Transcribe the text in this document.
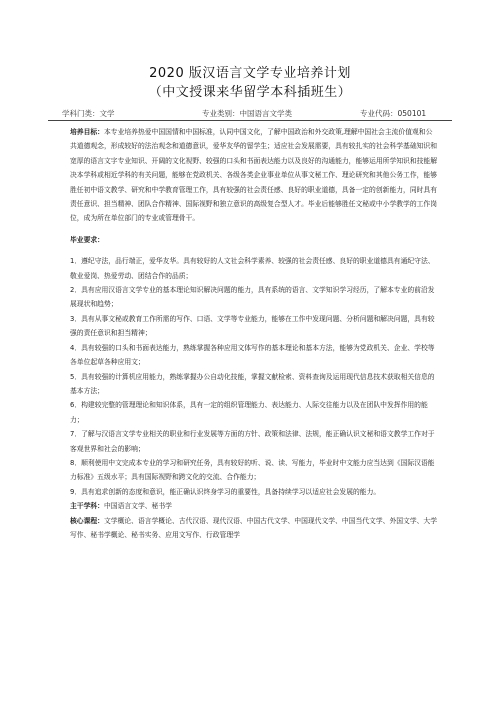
2020 版汉语言文学专业培养计划
（中文授课来华留学本科插班生）
学科门类：文学	专业类别：中国语言文学类	专业代码：050101

培养目标：本专业培养热爱中国国情和中国标准，认同中国文化，了解中国政治和外交政策,理解中国社会主流价值观和公共道德观念，形成较好的法治观念和道德意识，爱华友华的留学生；适应社会发展需要，具有较扎实的社会科学基础知识和宽厚的语言文字专业知识、开阔的文化视野、较强的口头和书面表达能力以及良好的沟通能力，能够运用所学知识和技能解决本学科或相近学科的有关问题，能够在党政机关、各级各类企业事业单位从事文秘工作、理论研究和其他公务工作，能够胜任初中语文教学、研究和中学教育管理工作，具有较强的社会责任感、良好的职业道德，具备一定的创新能力，同时具有责任意识、担当精神、团队合作精神、国际视野和独立意识的高级复合型人才。毕业后能够胜任文秘或中小学教学的工作岗位，成为所在单位部门的专业或管理骨干。

毕业要求：

1．遵纪守法，品行端正，爱华友华。具有较好的人文社会科学素养、较强的社会责任感、良好的职业道德具有通纪守法、敬业爱岗、热爱劳动、团结合作的品质；

2．具有应用汉语言文学专业的基本理论知识解决问题的能力，具有系统的语言、文学知识学习经历，了解本专业的前沿发展现状和趋势；

3．具有从事文秘或教育工作所需的写作、口语、文学等专业能力，能够在工作中发现问题、分析问题和解决问题，具有较强的责任意识和担当精神；

4．具有较强的口头和书面表达能力，熟练掌握各种应用文体写作的基本理论和基本方法，能够为党政机关、企业、学校等各单位起草各种应用文；

5．具有较强的计算机应用能力，熟练掌握办公自动化技能，掌握文献检索、资料查询及运用现代信息技术获取相关信息的基本方法；

6．构建较完整的管理理论和知识体系，具有一定的组织管理能力、表达能力、人际交往能力以及在团队中发挥作用的能力；

7．了解与汉语言文学专业相关的职业和行业发展等方面的方针、政策和法律、法规，能正确认识文秘和语文教学工作对于客观世界和社会的影响；

8．顺利使用中文完成本专业的学习和研究任务，具有较好的听、说、读、写能力，毕业时中文能力应当达到《国际汉语能力标准》五级水平；具有国际视野和跨文化的交流、合作能力；

9．具有追求创新的态度和意识，能正确认识终身学习的重要性，具备持续学习以适应社会发展的能力。

主干学科：中国语言文学、秘书学

核心课程：文学概论、语言学概论、古代汉语、现代汉语、中国古代文学、中国现代文学、中国当代文学、外国文学、大学写作、秘书学概论、秘书实务、应用文写作、行政管理学
